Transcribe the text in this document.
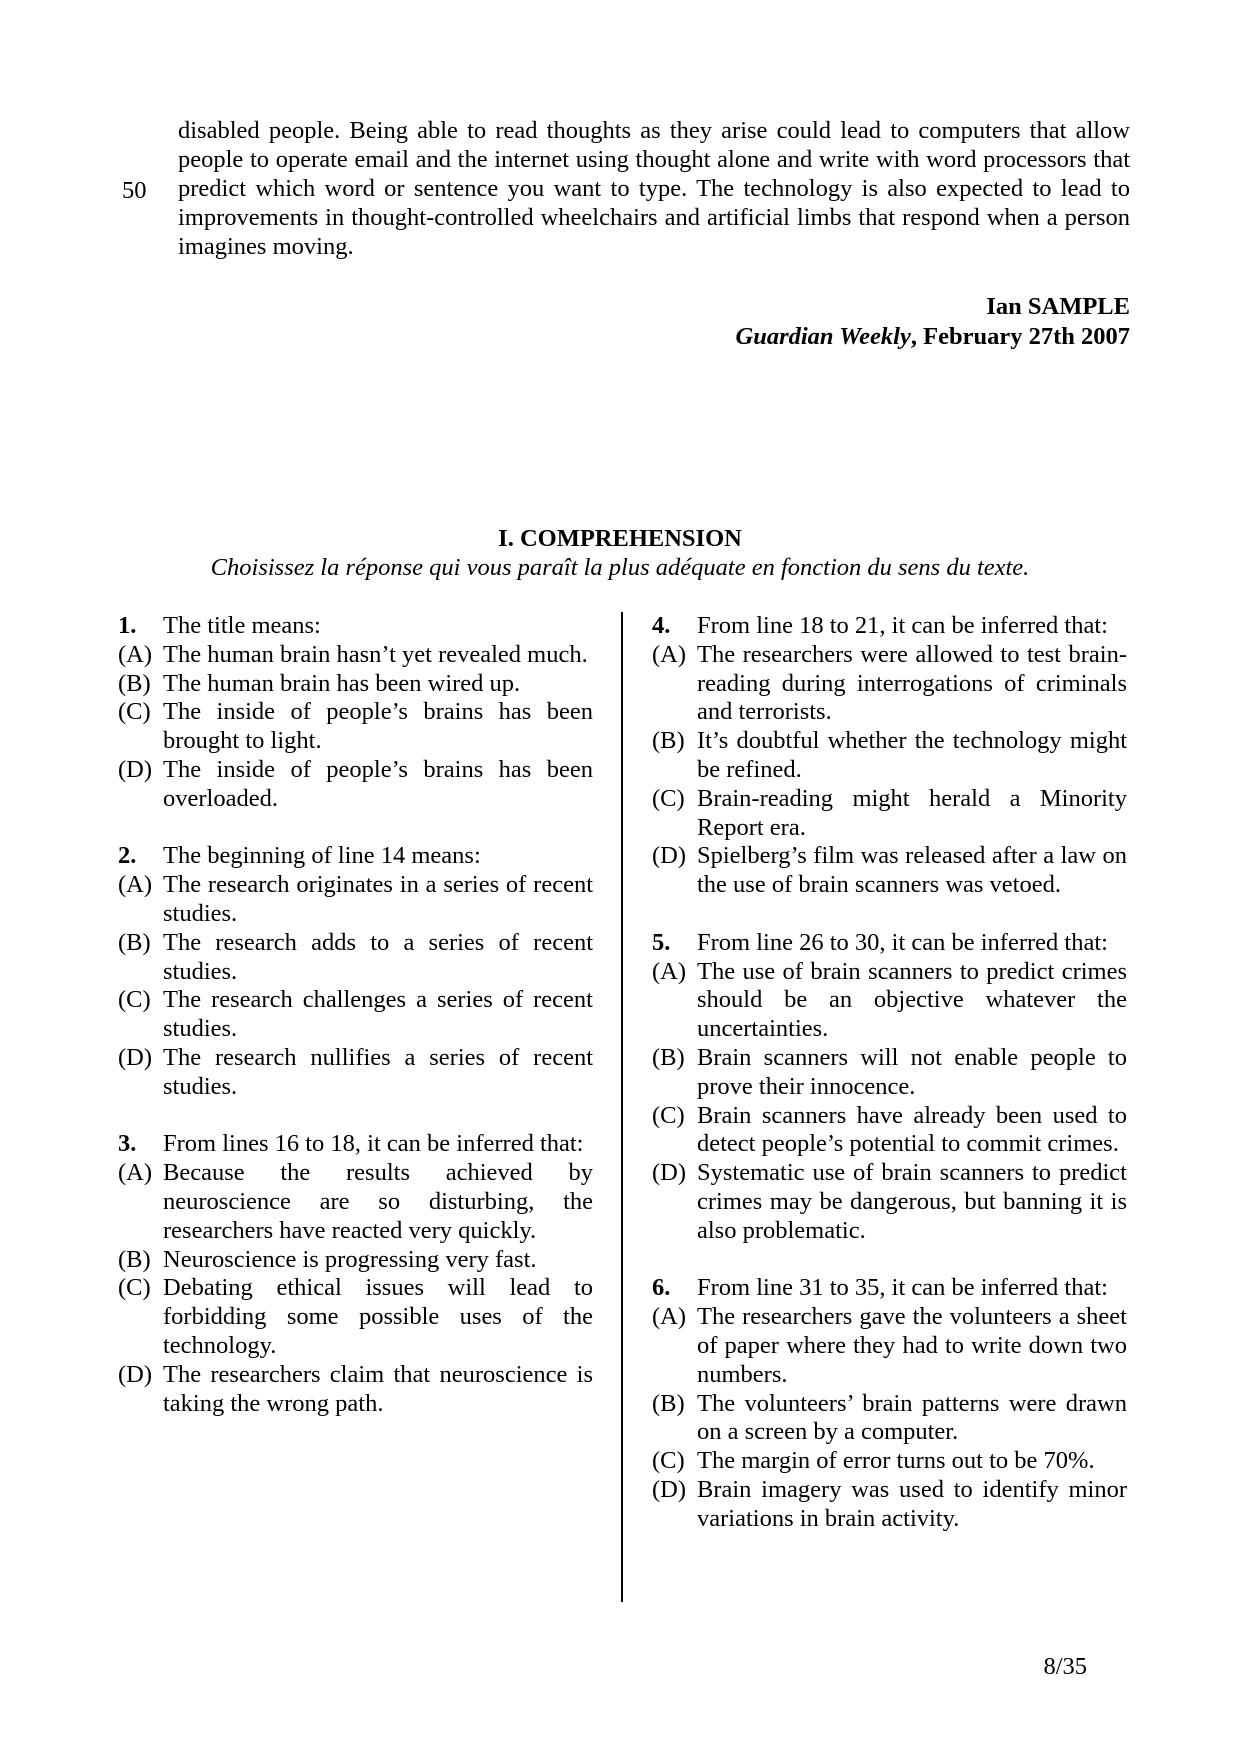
disabled people. Being able to read thoughts as they arise could lead to computers that allow people to operate email and the internet using thought alone and write with word processors that predict which word or sentence you want to type. The technology is also expected to lead to improvements in thought-controlled wheelchairs and artificial limbs that respond when a person imagines moving.

50
Ian SAMPLE
Guardian Weekly, February 27th 2007
I. COMPREHENSION
Choisissez la réponse qui vous paraît la plus adéquate en fonction du sens du texte.
1.	The title means:
(A) The human brain hasn’t yet revealed much.
(B) The human brain has been wired up.
(C) The inside of people’s brains has been brought to light.
(D) The inside of people’s brains has been overloaded.
2.	The beginning of line 14 means:
(A) The research originates in a series of recent studies.
(B) The research adds to a series of recent studies.
(C) The research challenges a series of recent studies.
(D) The research nullifies a series of recent studies.
3.	From lines 16 to 18, it can be inferred that:
(A) Because the results achieved by neuroscience are so disturbing, the researchers have reacted very quickly.
(B) Neuroscience is progressing very fast.
(C) Debating ethical issues will lead to forbidding some possible uses of the technology.
(D) The researchers claim that neuroscience is taking the wrong path.
4.	From line 18 to 21, it can be inferred that:
(A) The researchers were allowed to test brain-reading during interrogations of criminals and terrorists.
(B) It’s doubtful whether the technology might be refined.
(C) Brain-reading might herald a Minority Report era.
(D) Spielberg’s film was released after a law on the use of brain scanners was vetoed.
5.	From line 26 to 30, it can be inferred that:
(A) The use of brain scanners to predict crimes should be an objective whatever the uncertainties.
(B) Brain scanners will not enable people to prove their innocence.
(C) Brain scanners have already been used to detect people’s potential to commit crimes.
(D) Systematic use of brain scanners to predict crimes may be dangerous, but banning it is also problematic.
6.	From line 31 to 35, it can be inferred that:
(A) The researchers gave the volunteers a sheet of paper where they had to write down two numbers.
(B) The volunteers’ brain patterns were drawn on a screen by a computer.
(C) The margin of error turns out to be 70%.
(D) Brain imagery was used to identify minor variations in brain activity.
8/35
